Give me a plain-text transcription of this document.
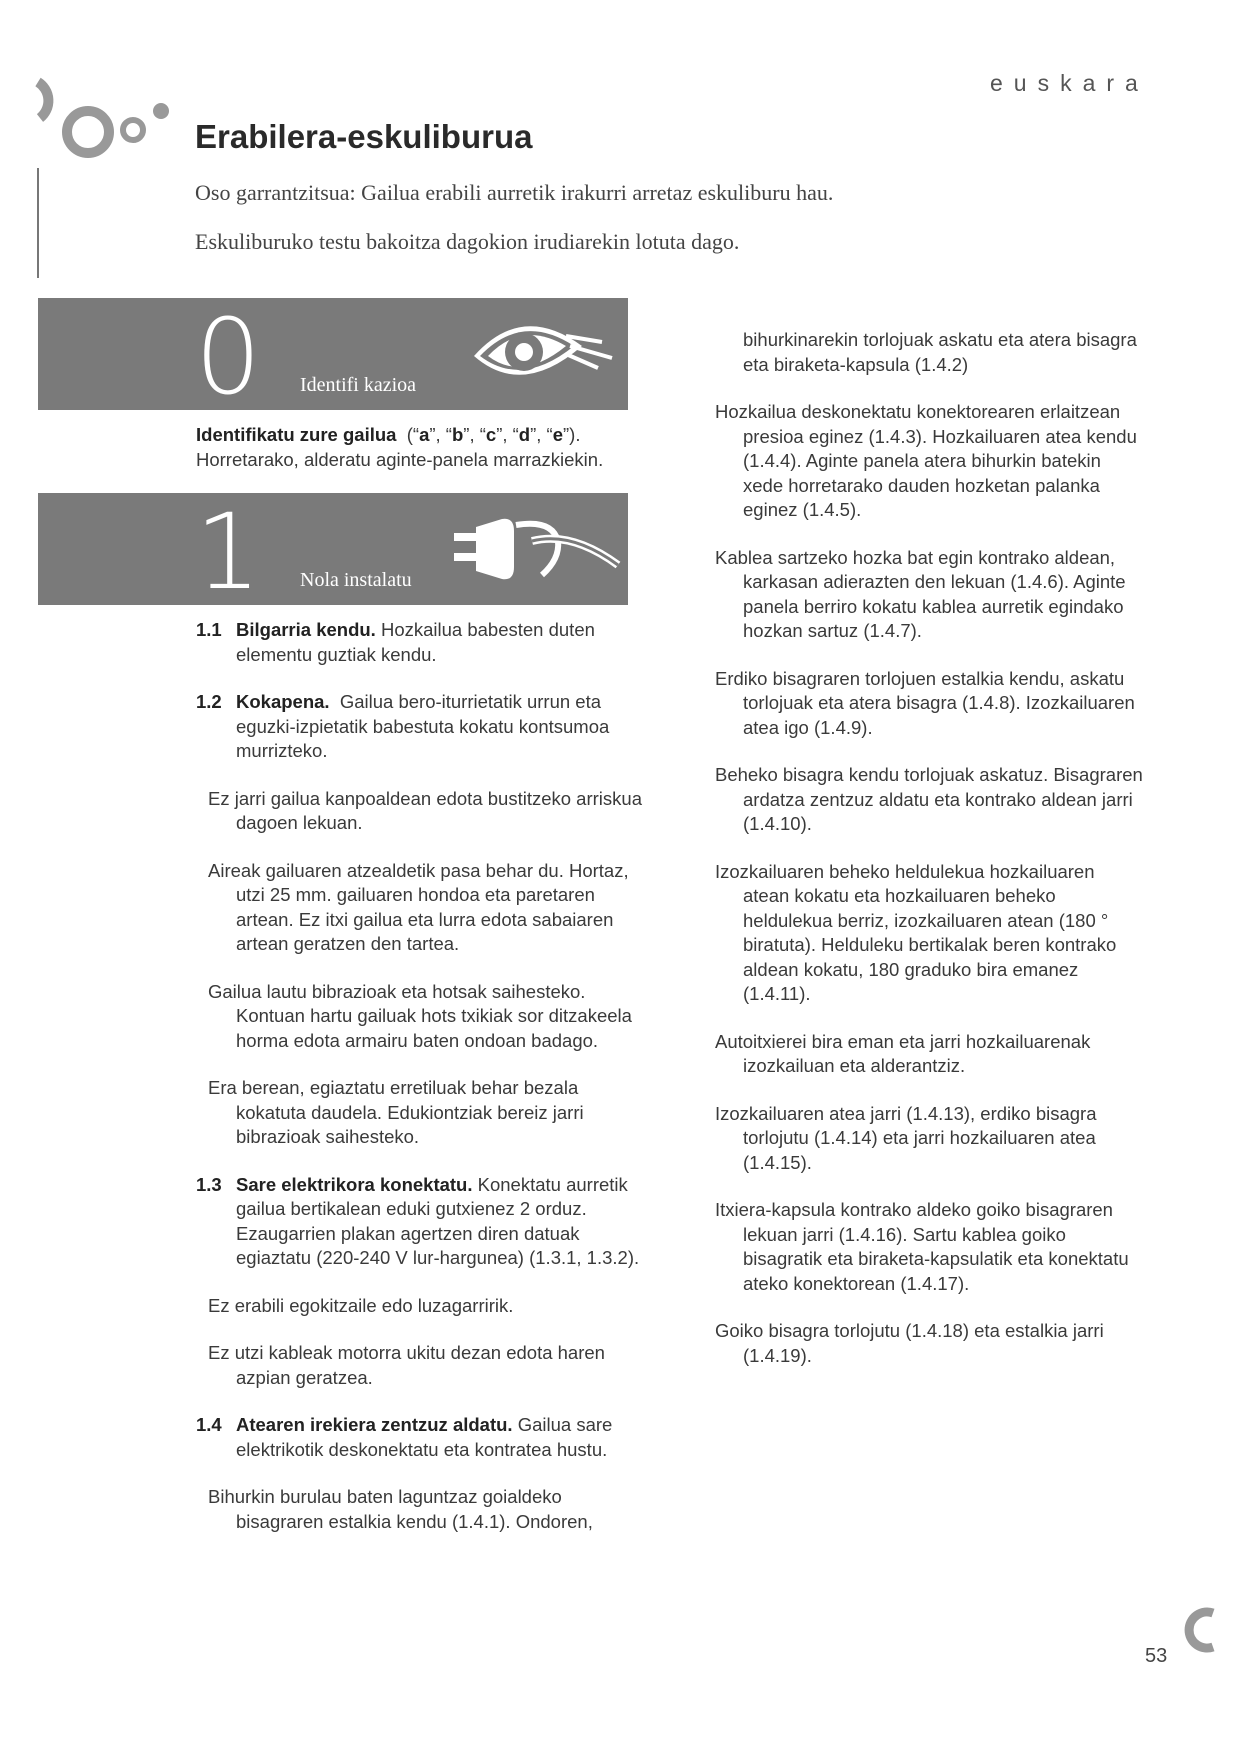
euskara
Erabilera-eskuliburua
Oso garrantzitsua: Gailua erabili aurretik irakurri arretaz eskuliburu hau.
Eskuliburuko testu bakoitza dagokion irudiarekin lotuta dago.
0 Identifi kazioa
Identifikatu zure gailua  (“a”, “b”, “c”, “d”, “e”).
Horretarako, alderatu aginte-panela marrazkiekin.
1 Nola instalatu

1.1 Bilgarria kendu. Hozkailua babesten duten elementu guztiak kendu.

1.2 Kokapena. Gailua bero-iturrietatik urrun eta eguzki-izpietatik babestuta kokatu kontsumoa murrizteko.

Ez jarri gailua kanpoaldean edota bustitzeko arriskua dagoen lekuan.

Aireak gailuaren atzealdetik pasa behar du. Hortaz, utzi 25 mm. gailuaren hondoa eta paretaren artean. Ez itxi gailua eta lurra edota sabaiaren artean geratzen den tartea.

Gailua lautu bibrazioak eta hotsak saihesteko. Kontuan hartu gailuak hots txikiak sor ditzakeela horma edota armairu baten ondoan badago.

Era berean, egiaztatu erretiluak behar bezala kokatuta daudela. Edukiontziak bereiz jarri bibrazioak saihesteko.

1.3 Sare elektrikora konektatu. Konektatu aurretik gailua bertikalean eduki gutxienez 2 orduz. Ezaugarrien plakan agertzen diren datuak egiaztatu (220-240 V lur-hargunea) (1.3.1, 1.3.2).

Ez erabili egokitzaile edo luzagarririk.

Ez utzi kableak motorra ukitu dezan edota haren azpian geratzea.

1.4 Atearen irekiera zentzuz aldatu. Gailua sare elektrikotik deskonektatu eta kontratea hustu.

Bihurkin burulau baten laguntzaz goialdeko bisagraren estalkia kendu (1.4.1). Ondoren,

bihurkinarekin torlojuak askatu eta atera bisagra eta biraketa-kapsula (1.4.2)

Hozkailua deskonektatu konektorearen erlaitzean presioa eginez (1.4.3). Hozkailuaren atea kendu (1.4.4). Aginte panela atera bihurkin batekin xede horretarako dauden hozketan palanka eginez (1.4.5).

Kablea sartzeko hozka bat egin kontrako aldean, karkasan adierazten den lekuan (1.4.6). Aginte panela berriro kokatu kablea aurretik egindako hozkan sartuz (1.4.7).

Erdiko bisagraren torlojuen estalkia kendu, askatu torlojuak eta atera bisagra (1.4.8). Izozkailuaren atea igo (1.4.9).

Beheko bisagra kendu torlojuak askatuz. Bisagraren ardatza zentzuz aldatu eta kontrako aldean jarri (1.4.10).

Izozkailuaren beheko heldulekua hozkailuaren atean kokatu eta hozkailuaren beheko heldulekua berriz, izozkailuaren atean (180 ° biratuta). Helduleku bertikalak beren kontrako aldean kokatu, 180 graduko bira emanez (1.4.11).

Autoitxierei bira eman eta jarri hozkailuarenak izozkailuan eta alderantziz.

Izozkailuaren atea jarri (1.4.13), erdiko bisagra torlojutu (1.4.14) eta jarri hozkailuaren atea (1.4.15).

Itxiera-kapsula kontrako aldeko goiko bisagraren lekuan jarri (1.4.16). Sartu kablea goiko bisagratik eta biraketa-kapsulatik eta konektatu ateko konektorean (1.4.17).

Goiko bisagra torlojutu (1.4.18) eta estalkia jarri (1.4.19).

53
